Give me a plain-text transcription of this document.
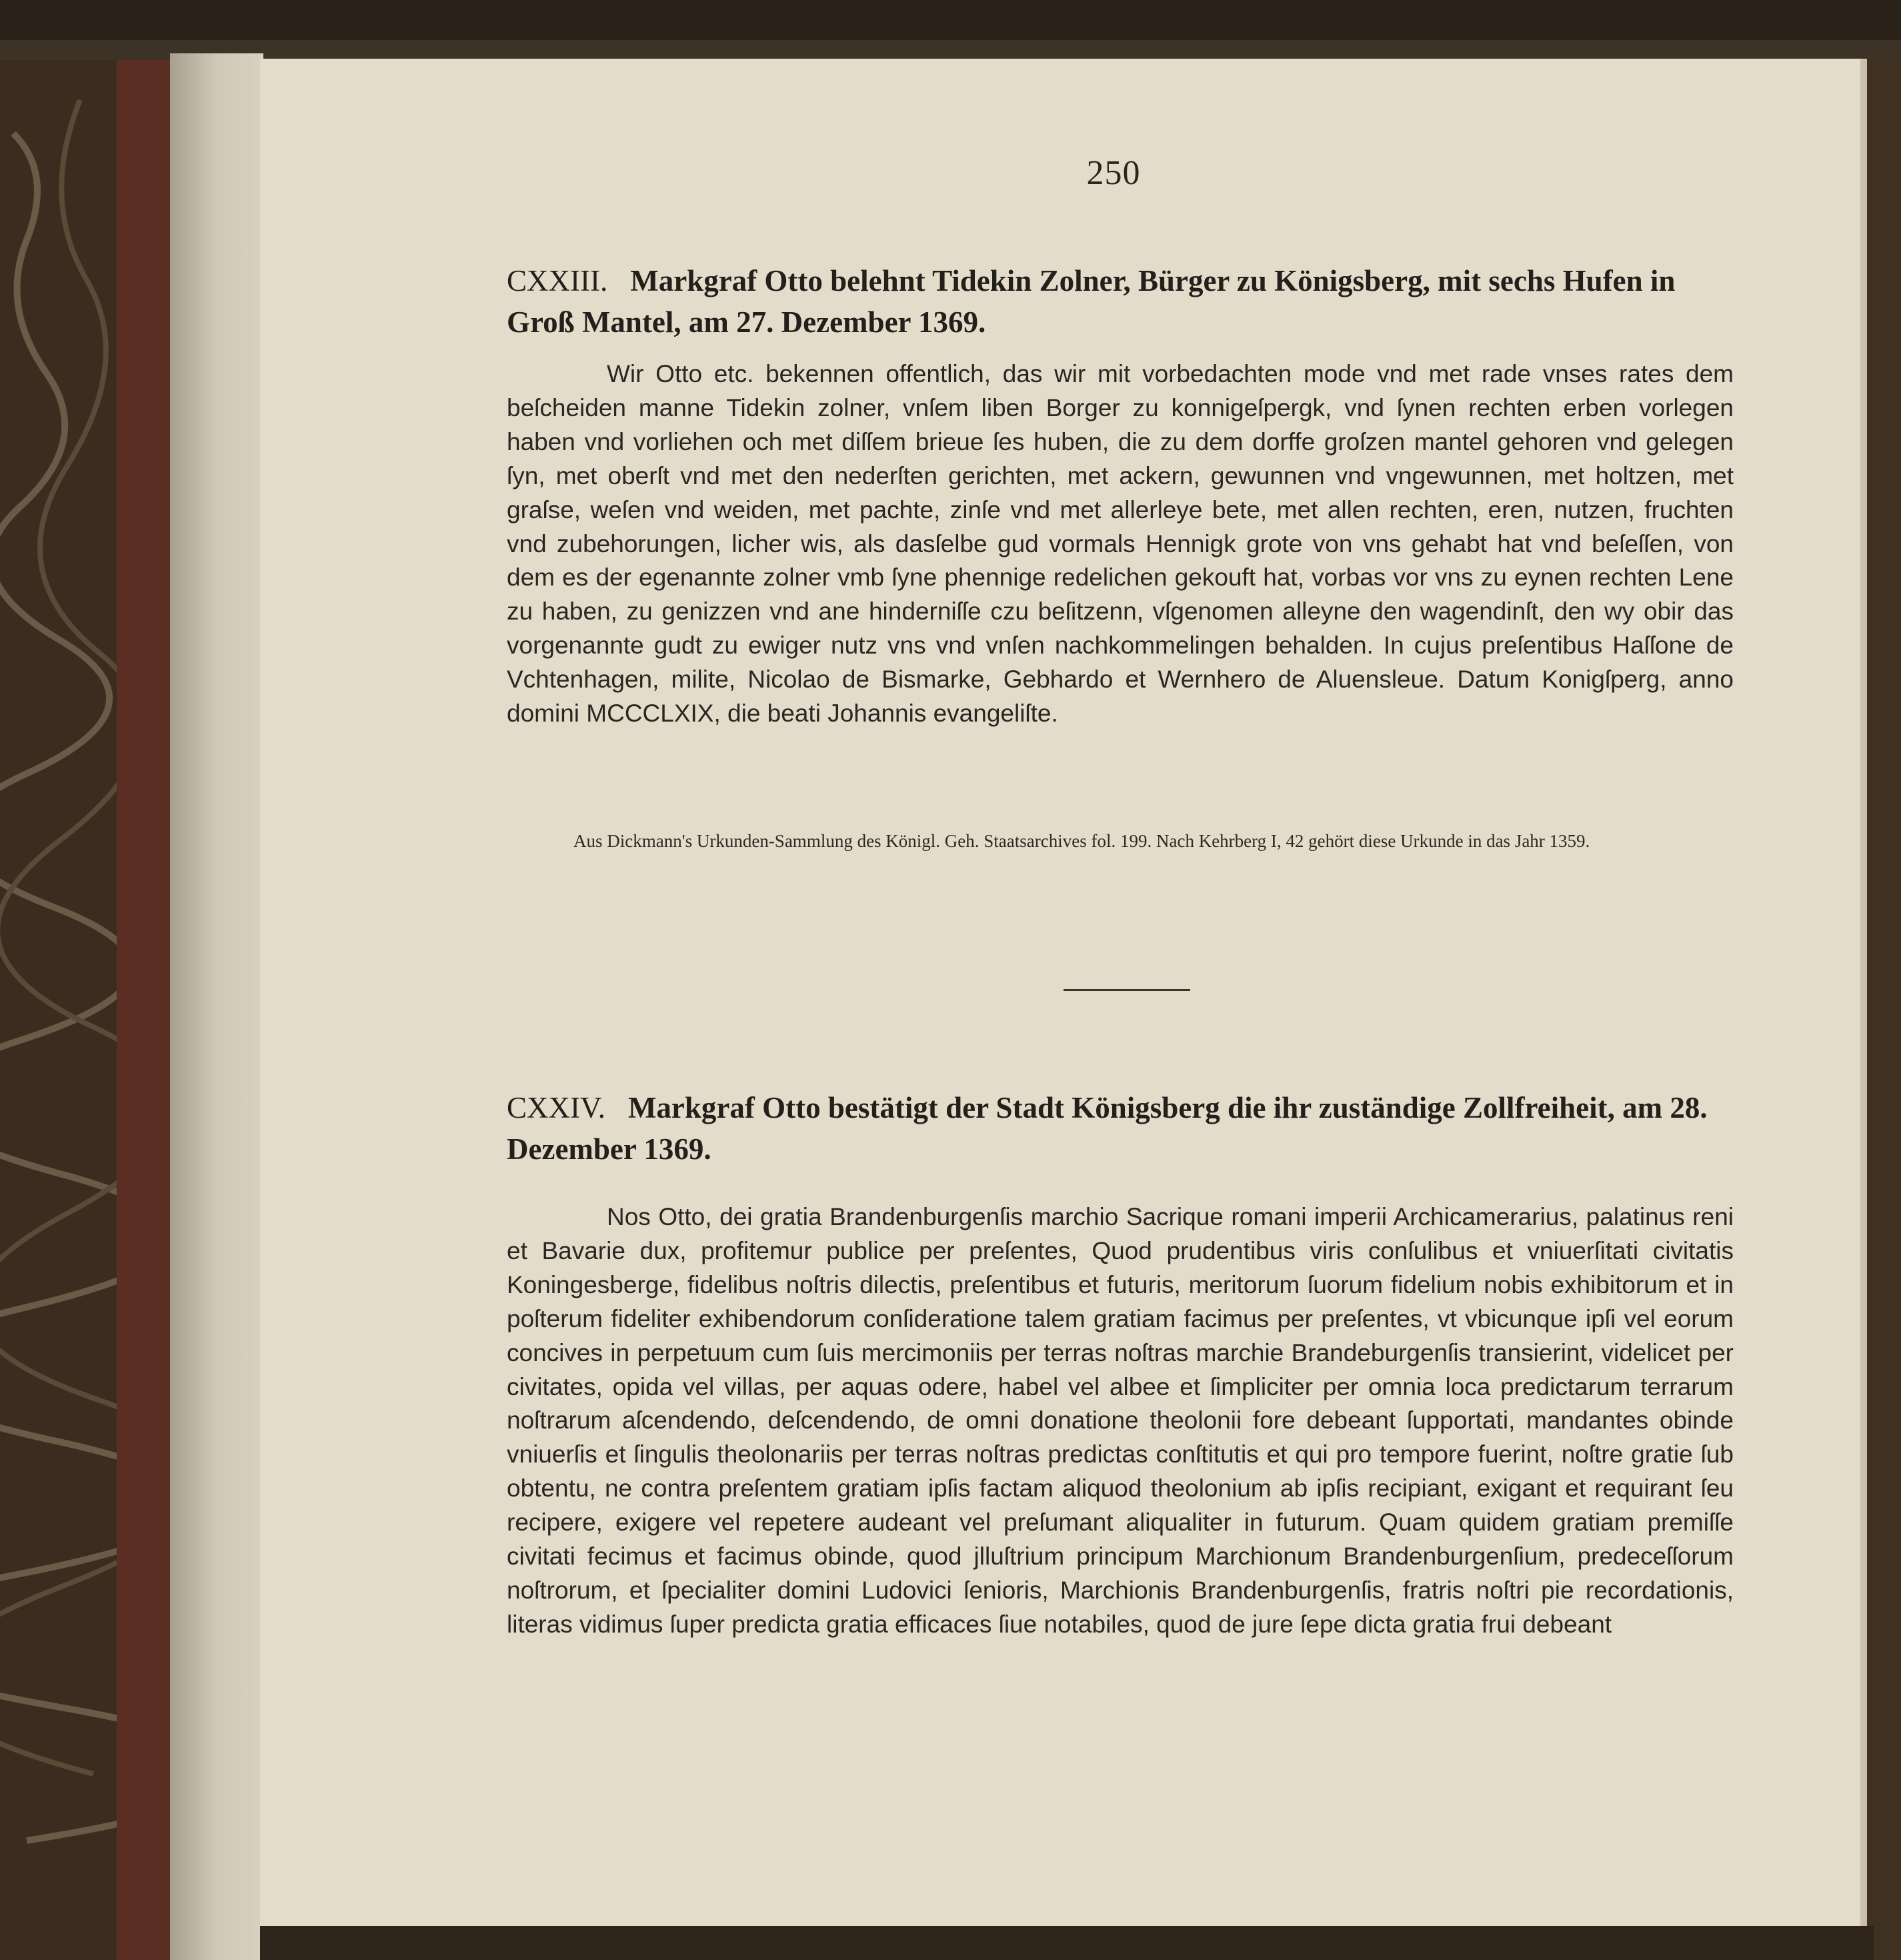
250
CXXIII. Markgraf Otto belehnt Tidekin Zolner, Bürger zu Königsberg, mit sechs Hufen in Groß Mantel, am 27. Dezember 1369.

Wir Otto etc. bekennen offentlich, das wir mit vorbedachten mode vnd met rade vnses rates dem beſcheiden manne Tidekin zolner, vnſem liben Borger zu konnigeſpergk, vnd ſynen rechten erben vorlegen haben vnd vorliehen och met diſſem brieue ſes huben, die zu dem dorffe groſzen mantel gehoren vnd gelegen ſyn, met oberſt vnd met den nederſten gerichten, met ackern, gewunnen vnd vngewunnen, met holtzen, met graſse, weſen vnd weiden, met pachte, zinſe vnd met allerleye bete, met allen rechten, eren, nutzen, fruchten vnd zubehorungen, licher wis, als dasſelbe gud vormals Hennigk grote von vns gehabt hat vnd beſeſſen, von dem es der egenannte zolner vmb ſyne phennige redelichen gekouft hat, vorbas vor vns zu eynen rechten Lene zu haben, zu genizzen vnd ane hinderniſſe czu beſitzenn, vſgenomen alleyne den wagendinſt, den wy obir das vorgenannte gudt zu ewiger nutz vns vnd vnſen nachkommelingen behalden. In cujus preſentibus Haſſone de Vchtenhagen, milite, Nicolao de Bismarke, Gebhardo et Wernhero de Aluensleue. Datum Konigſperg, anno domini MCCCLXIX, die beati Johannis evangeliſte.

Aus Dickmann's Urkunden-Sammlung des Königl. Geh. Staatsarchives fol. 199. Nach Kehrberg I, 42 gehört diese Urkunde in das Jahr 1359.

CXXIV. Markgraf Otto bestätigt der Stadt Königsberg die ihr zuständige Zollfreiheit, am 28. Dezember 1369.

Nos Otto, dei gratia Brandenburgenſis marchio Sacrique romani imperii Archicamerarius, palatinus reni et Bavarie dux, profitemur publice per preſentes, Quod prudentibus viris conſulibus et vniuerſitati civitatis Koningesberge, fidelibus noſtris dilectis, preſentibus et futuris, meritorum ſuorum fidelium nobis exhibitorum et in poſterum fideliter exhibendorum conſideratione talem gratiam facimus per preſentes, vt vbicunque ipſi vel eorum concives in perpetuum cum ſuis mercimoniis per terras noſtras marchie Brandeburgenſis transierint, videlicet per civitates, opida vel villas, per aquas odere, habel vel albee et ſimpliciter per omnia loca predictarum terrarum noſtrarum aſcendendo, deſcendendo, de omni donatione theolonii fore debeant ſupportati, mandantes obinde vniuerſis et ſingulis theolonariis per terras noſtras predictas conſtitutis et qui pro tempore fuerint, noſtre gratie ſub obtentu, ne contra preſentem gratiam ipſis factam aliquod theolonium ab ipſis recipiant, exigant et requirant ſeu recipere, exigere vel repetere audeant vel preſumant aliqualiter in futurum. Quam quidem gratiam premiſſe civitati fecimus et facimus obinde, quod jlluſtrium principum Marchionum Brandenburgenſium, predeceſſorum noſtrorum, et ſpecialiter domini Ludovici ſenioris, Marchionis Brandenburgenſis, fratris noſtri pie recordationis, literas vidimus ſuper predicta gratia efficaces ſiue notabiles, quod de jure ſepe dicta gratia frui debeant
